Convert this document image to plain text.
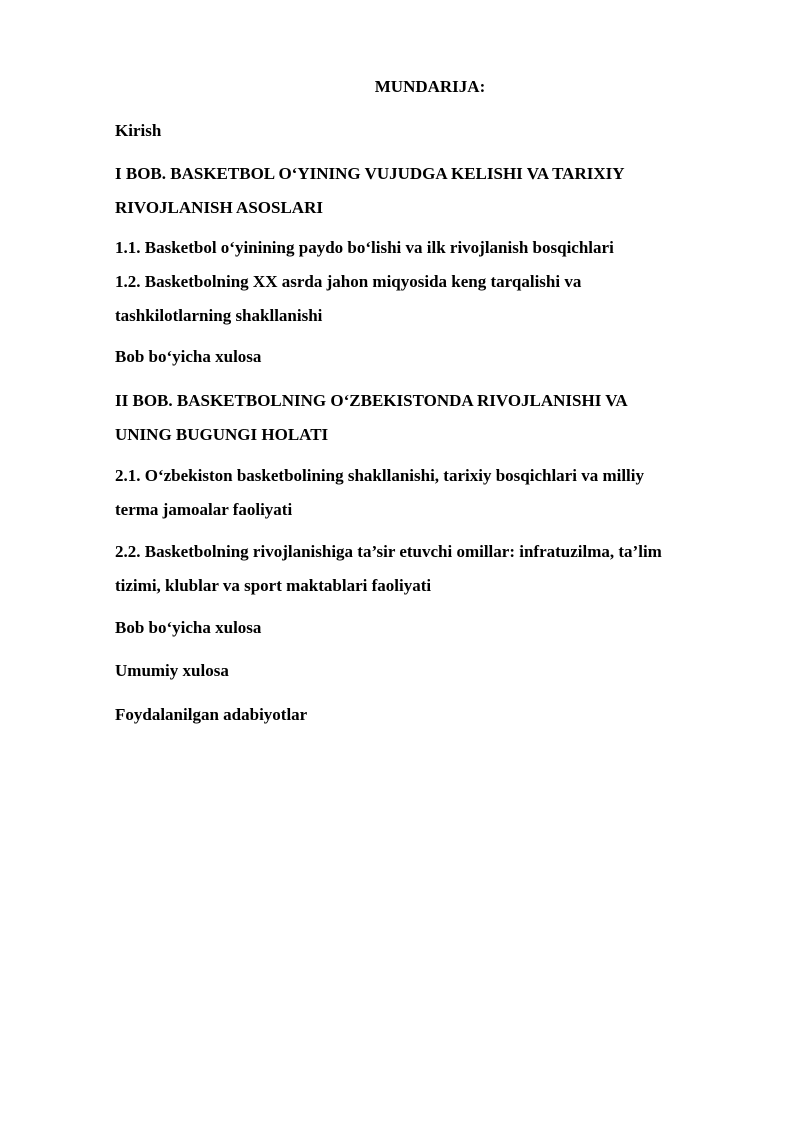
MUNDARIJA:
Kirish
I BOB. BASKETBOL O‘YINING VUJUDGA KELISHI VA TARIXIY
RIVOJLANISH ASOSLARI
1.1. Basketbol o‘yinining paydo bo‘lishi va ilk rivojlanish bosqichlari
1.2. Basketbolning XX asrda jahon miqyosida keng tarqalishi va
tashkilotlarning shakllanishi
Bob bo‘yicha xulosa
II BOB. BASKETBOLNING O‘ZBEKISTONDA RIVOJLANISHI VA
UNING BUGUNGI HOLATI
2.1. O‘zbekiston basketbolining shakllanishi, tarixiy bosqichlari va milliy
terma jamoalar faoliyati
2.2. Basketbolning rivojlanishiga ta’sir etuvchi omillar: infratuzilma, ta’lim
tizimi, klublar va sport maktablari faoliyati
Bob bo‘yicha xulosa
Umumiy xulosa
Foydalanilgan adabiyotlar
